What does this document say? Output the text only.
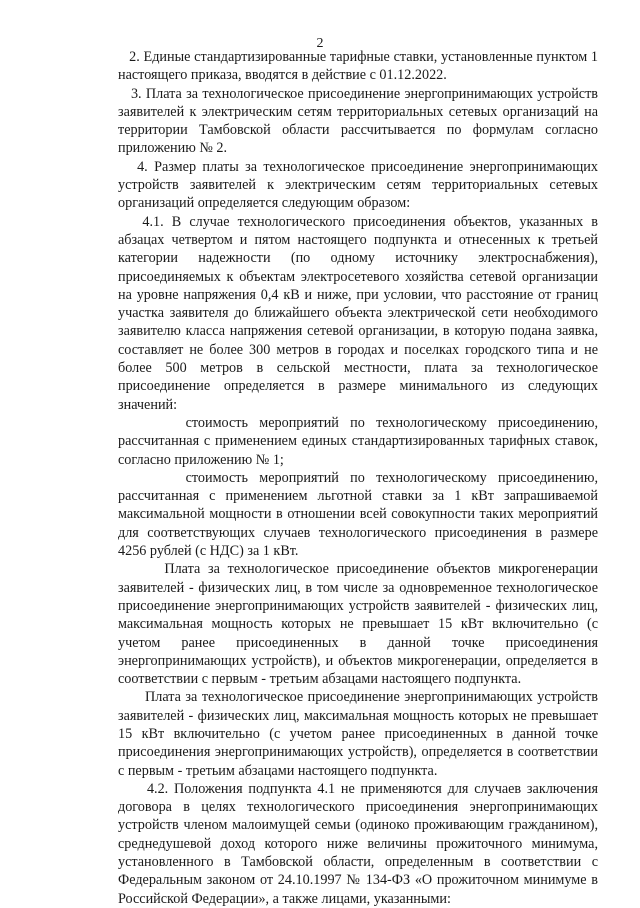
2

2. Единые стандартизированные тарифные ставки, установленные пунктом 1 настоящего приказа, вводятся в действие с 01.12.2022.

3. Плата за технологическое присоединение энергопринимающих устройств заявителей к электрическим сетям территориальных сетевых организаций на территории Тамбовской области рассчитывается по формулам согласно приложению № 2.

4. Размер платы за технологическое присоединение энергопринимающих устройств заявителей к электрическим сетям территориальных сетевых организаций определяется следующим образом:

4.1. В случае технологического присоединения объектов, указанных в абзацах четвертом и пятом настоящего подпункта и отнесенных к третьей категории надежности (по одному источнику электроснабжения), присоединяемых к объектам электросетевого хозяйства сетевой организации на уровне напряжения 0,4 кВ и ниже, при условии, что расстояние от границ участка заявителя до ближайшего объекта электрической сети необходимого заявителю класса напряжения сетевой организации, в которую подана заявка, составляет не более 300 метров в городах и поселках городского типа и не более 500 метров в сельской местности, плата за технологическое присоединение определяется в размере минимального из следующих значений:

стоимость мероприятий по технологическому присоединению, рассчитанная с применением единых стандартизированных тарифных ставок, согласно приложению № 1;

стоимость мероприятий по технологическому присоединению, рассчитанная с применением льготной ставки за 1 кВт запрашиваемой максимальной мощности в отношении всей совокупности таких мероприятий для соответствующих случаев технологического присоединения в размере 4256 рублей (с НДС) за 1 кВт.

Плата за технологическое присоединение объектов микрогенерации заявителей - физических лиц, в том числе за одновременное технологическое присоединение энергопринимающих устройств заявителей - физических лиц, максимальная мощность которых не превышает 15 кВт включительно (с учетом ранее присоединенных в данной точке присоединения энергопринимающих устройств), и объектов микрогенерации, определяется в соответствии с первым - третьим абзацами настоящего подпункта.

Плата за технологическое присоединение энергопринимающих устройств заявителей - физических лиц, максимальная мощность которых не превышает 15 кВт включительно (с учетом ранее присоединенных в данной точке присоединения энергопринимающих устройств), определяется в соответствии с первым - третьим абзацами настоящего подпункта.

4.2. Положения подпункта 4.1 не применяются для случаев заключения договора в целях технологического присоединения энергопринимающих устройств членом малоимущей семьи (одиноко проживающим гражданином), среднедушевой доход которого ниже величины прожиточного минимума, установленного в Тамбовской области, определенным в соответствии с Федеральным законом от 24.10.1997 № 134-ФЗ «О прожиточном минимуме в Российской Федерации», а также лицами, указанными:
